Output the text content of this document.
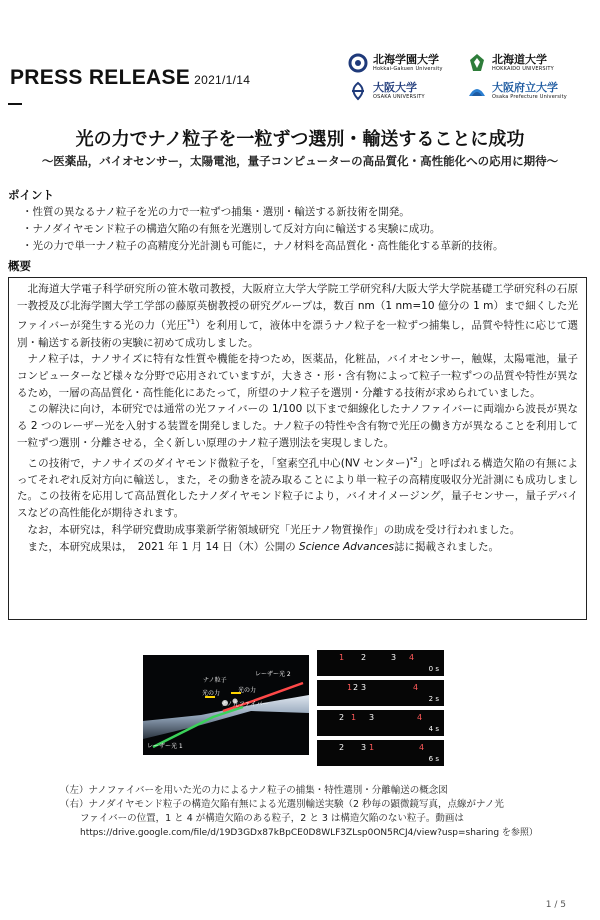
PRESS RELEASE 2021/1/14
北海学園大学
Hokkai-Gakuen University
北海道大学
HOKKAIDO UNIVERSITY
大阪大学
OSAKA UNIVERSITY
大阪府立大学
Osaka Prefecture University
光の力でナノ粒子を一粒ずつ選別・輸送することに成功
～医薬品，バイオセンサー，太陽電池，量子コンピューターの高品質化・高性能化への応用に期待～
ポイント
・性質の異なるナノ粒子を光の力で一粒ずつ捕集・選別・輸送する新技術を開発。
・ナノダイヤモンド粒子の構造欠陥の有無を光選別して反対方向に輸送する実験に成功。
・光の力で単一ナノ粒子の高精度分光計測も可能に，ナノ材料を高品質化・高性能化する革新的技術。
概要

北海道大学電子科学研究所の笹木敬司教授，大阪府立大学大学院工学研究科/大阪大学大学院基礎工学研究科の石原　一教授及び北海学園大学工学部の藤原英樹教授の研究グループは，数百 nm（1 nm=10 億分の 1 m）まで細くした光ファイバーが発生する光の力（光圧$^{*1}$）を利用して，液体中を漂うナノ粒子を一粒ずつ捕集し，品質や特性に応じて選別・輸送する新技術の実験に初めて成功しました。

ナノ粒子は，ナノサイズに特有な性質や機能を持つため，医薬品，化粧品，バイオセンサー，触媒，太陽電池，量子コンピューターなど様々な分野で応用されていますが，大きさ・形・含有物によって粒子一粒ずつの品質や特性が異なるため，一層の高品質化・高性能化にあたって，所望のナノ粒子を選別・分離する技術が求められていました。

この解決に向け，本研究では通常の光ファイバーの 1/100 以下まで細線化したナノファイバーに両端から波長が異なる 2 つのレーザー光を入射する装置を開発しました。ナノ粒子の特性や含有物で光圧の働き方が異なることを利用して一粒ずつ選別・分離させる，全く新しい原理のナノ粒子選別法を実現しました。

この技術で，ナノサイズのダイヤモンド微粒子を，「窒素空孔中心(NV センター)$^{*2}$」と呼ばれる構造欠陥の有無によってそれぞれ反対方向に輸送し，また，その動きを読み取ることにより単一粒子の高精度吸収分光計測にも成功しました。この技術を応用して高品質化したナノダイヤモンド粒子により，バイオイメージング，量子センサー，量子デバイスなどの高性能化が期待されます。

なお，本研究は，科学研究費助成事業新学術領域研究「光圧ナノ物質操作」の助成を受け行われました。

また，本研究成果は，　2021 年 1 月 14 日（木）公開の Science Advances誌に掲載されました。

ナノ粒子
光の力
レーザー光 2
光の力
ナノ光ファイバー
レーザー光 1
1 2	3 4
0 s
1 2 3	4
2 s
2 1 3	4
4 s
2 3 1	4
6 s
（左）ナノファイバーを用いた光の力によるナノ粒子の捕集・特性選別・分離輸送の概念図
（右）ナノダイヤモンド粒子の構造欠陥有無による光選別輸送実験（2 秒毎の顕微鏡写真，点線がナノ光
ファイバーの位置，1 と 4 が構造欠陥のある粒子，2 と 3 は構造欠陥のない粒子。動画は
https://drive.google.com/file/d/19D3GDx87kBpCE0D8WLF3ZLsp0ON5RCJ4/view?usp=sharing を参照）
1 / 5
